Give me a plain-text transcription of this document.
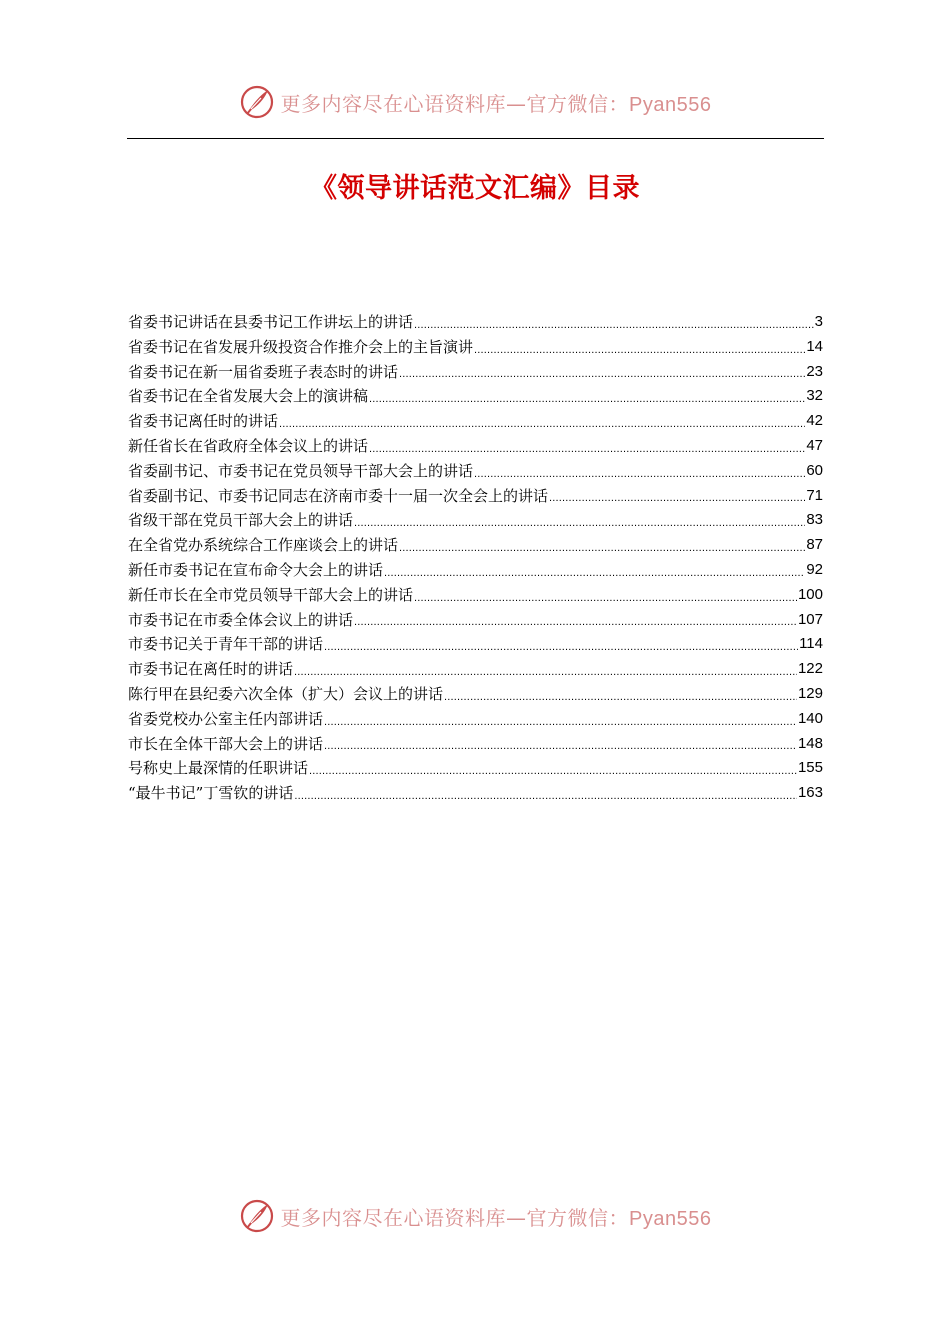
更多内容尽在心语资料库—官方微信：Pyan556
《领导讲话范文汇编》目录
省委书记讲话在县委书记工作讲坛上的讲话 .....	3
省委书记在省发展升级投资合作推介会上的主旨演讲 .....	14
省委书记在新一届省委班子表态时的讲话 .....	23
省委书记在全省发展大会上的演讲稿 .....	32
省委书记离任时的讲话 .....	42
新任省长在省政府全体会议上的讲话 .....	47
省委副书记、市委书记在党员领导干部大会上的讲话 .....	60
省委副书记、市委书记同志在济南市委十一届一次全会上的讲话 .....	71
省级干部在党员干部大会上的讲话 .....	83
在全省党办系统综合工作座谈会上的讲话 .....	87
新任市委书记在宣布命令大会上的讲话 .....	92
新任市长在全市党员领导干部大会上的讲话 .....	100
市委书记在市委全体会议上的讲话 .....	107
市委书记关于青年干部的讲话 .....	114
市委书记在离任时的讲话 .....	122
陈行甲在县纪委六次全体（扩大）会议上的讲话 .....	129
省委党校办公室主任内部讲话 .....	140
市长在全体干部大会上的讲话 .....	148
号称史上最深情的任职讲话 .....	155
“最牛书记”丁雪钦的讲话 .....	163
更多内容尽在心语资料库—官方微信：Pyan556
